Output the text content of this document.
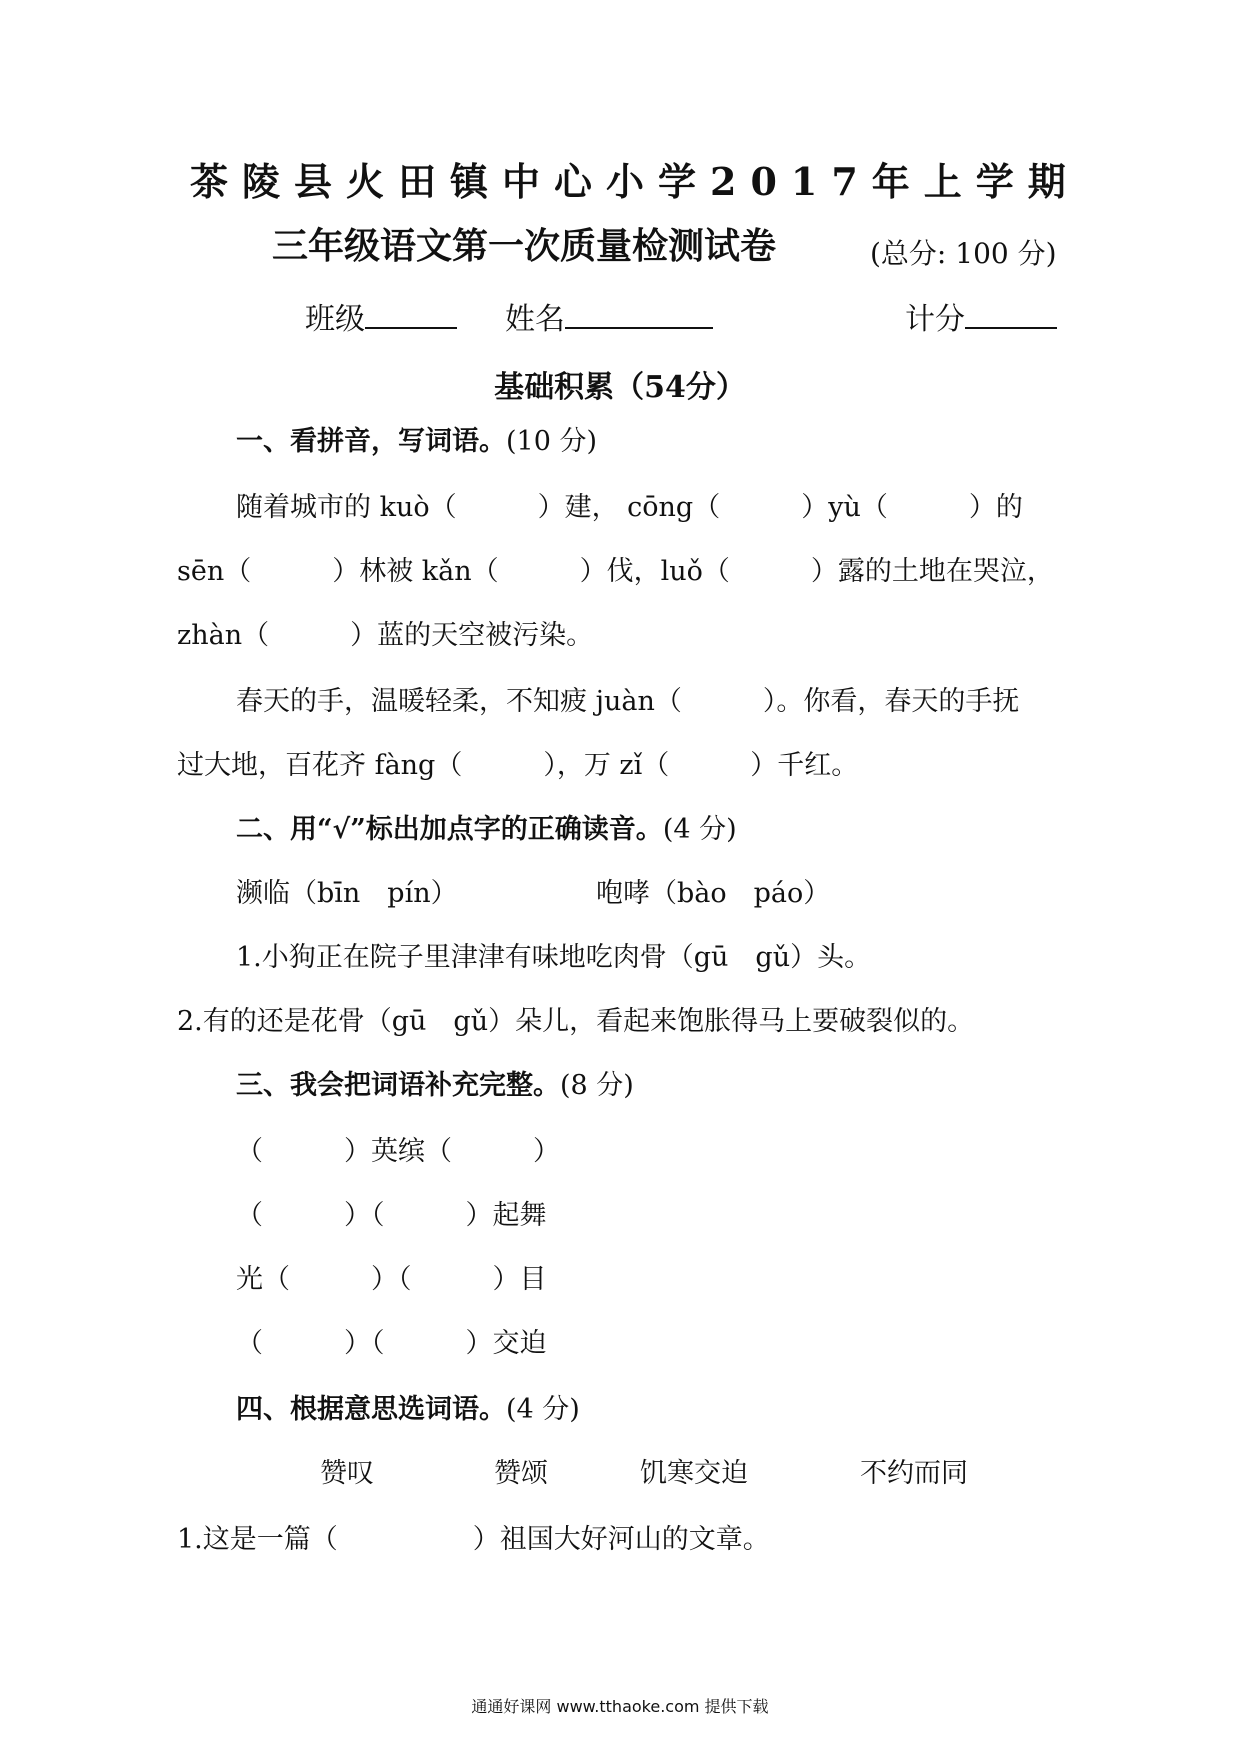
茶陵县火田镇中心小学2017年上学期
三年级语文第一次质量检测试卷	(总分: 100 分)
班级	姓名	计分
基础积累（54分）
一、看拼音，写词语。(10 分)
随着城市的 kuò（　　　）建， cōng（　　　）yù（　　　）的
sēn（　　　）林被 kǎn（　　　）伐，luǒ（　　　）露的土地在哭泣，
zhàn（　　　）蓝的天空被污染。
春天的手，温暖轻柔，不知疲 juàn（　　　）。你看，春天的手抚
过大地，百花齐 fàng（　　　），万 zǐ（　　　）千红。
二、用“√”标出加点字的正确读音。(4 分)
濒临（bīn　pín）	咆哮（bào　páo）
1.小狗正在院子里津津有味地吃肉骨（gū　gǔ）头。
2.有的还是花骨（gū　gǔ）朵儿，看起来饱胀得马上要破裂似的。
三、我会把词语补充完整。(8 分)
（　　　）英缤（　　　）
（　　　）（　　　）起舞
光（　　　）（　　　）目
（　　　）（　　　）交迫
四、根据意思选词语。(4 分)
赞叹	赞颂	饥寒交迫	不约而同
1.这是一篇（　　　　　）祖国大好河山的文章。
通通好课网 www.tthaoke.com 提供下载
